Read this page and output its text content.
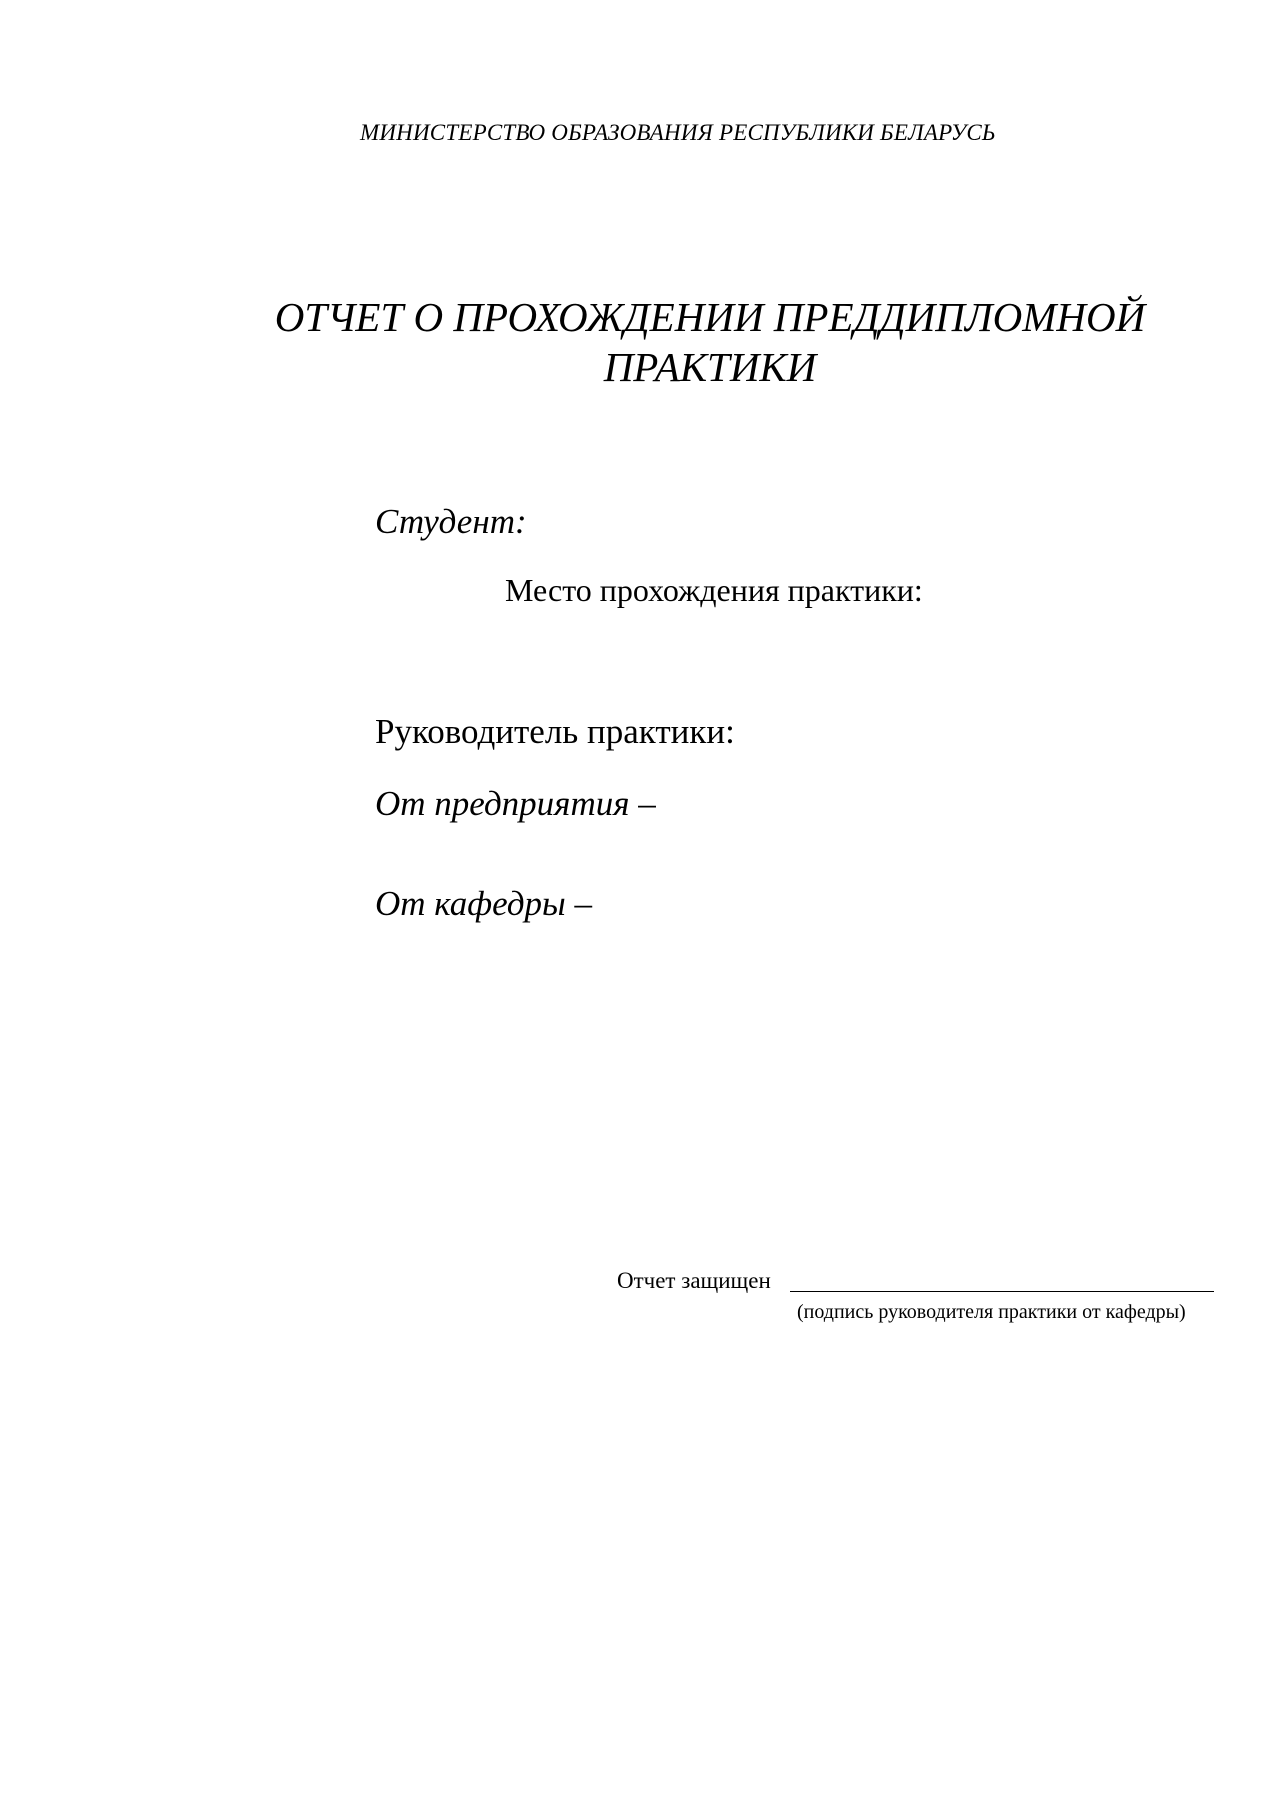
МИНИСТЕРСТВО ОБРАЗОВАНИЯ РЕСПУБЛИКИ БЕЛАРУСЬ

ОТЧЕТ О ПРОХОЖДЕНИИ ПРЕДДИПЛОМНОЙ
ПРАКТИКИ

Студент:

Место прохождения практики:

Руководитель практики:

От предприятия –

От кафедры –

Отчет защищен

(подпись руководителя практики от кафедры)
